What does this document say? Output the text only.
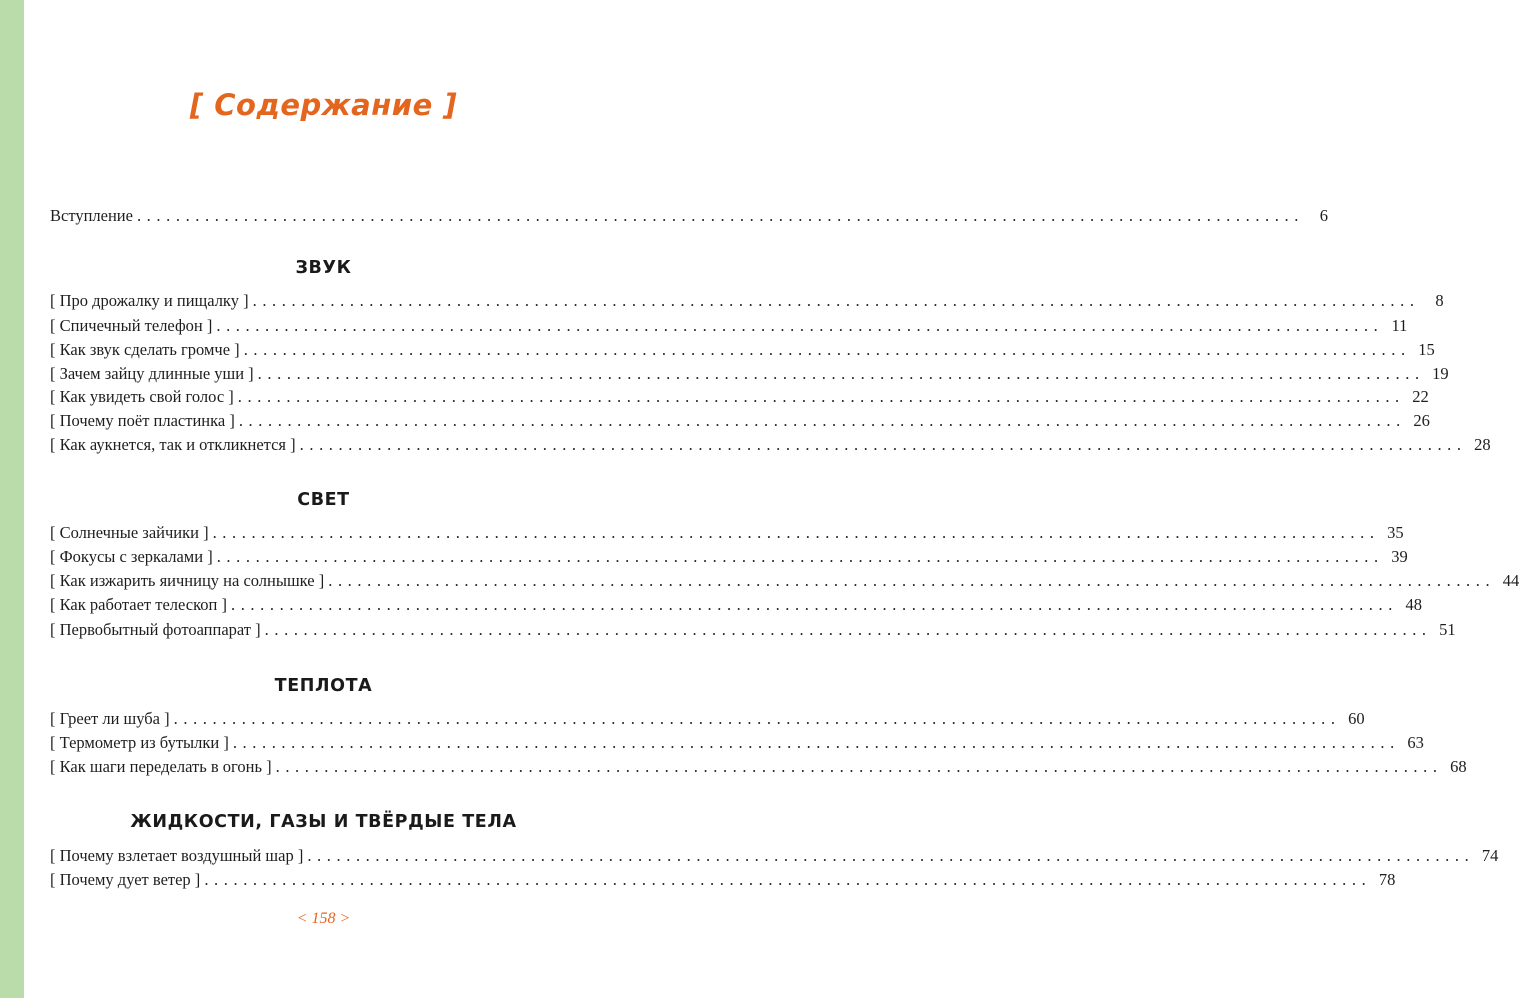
[ Содержание ]
Вступление ........................................................................................................................ 6
ЗВУК
[ Про дрожалку и пищалку ] ........................................................................................................................ 8
[ Спичечный телефон ] ........................................................................................................................ 11
[ Как звук сделать громче ] ........................................................................................................................ 15
[ Зачем зайцу длинные уши ] ........................................................................................................................ 19
[ Как увидеть свой голос ] ........................................................................................................................ 22
[ Почему поёт пластинка ] ........................................................................................................................ 26
[ Как аукнется, так и откликнется ] ........................................................................................................................ 28
СВЕТ
[ Солнечные зайчики ] ........................................................................................................................ 35
[ Фокусы с зеркалами ] ........................................................................................................................ 39
[ Как изжарить яичницу на солнышке ] ........................................................................................................................ 44
[ Как работает телескоп ] ........................................................................................................................ 48
[ Первобытный фотоаппарат ] ........................................................................................................................ 51
ТЕПЛОТА
[ Греет ли шуба ] ........................................................................................................................ 60
[ Термометр из бутылки ] ........................................................................................................................ 63
[ Как шаги переделать в огонь ] ........................................................................................................................ 68
ЖИДКОСТИ, ГАЗЫ И ТВЁРДЫЕ ТЕЛА
[ Почему взлетает воздушный шар ] ........................................................................................................................ 74
[ Почему дует ветер ] ........................................................................................................................ 78
< 158 >
